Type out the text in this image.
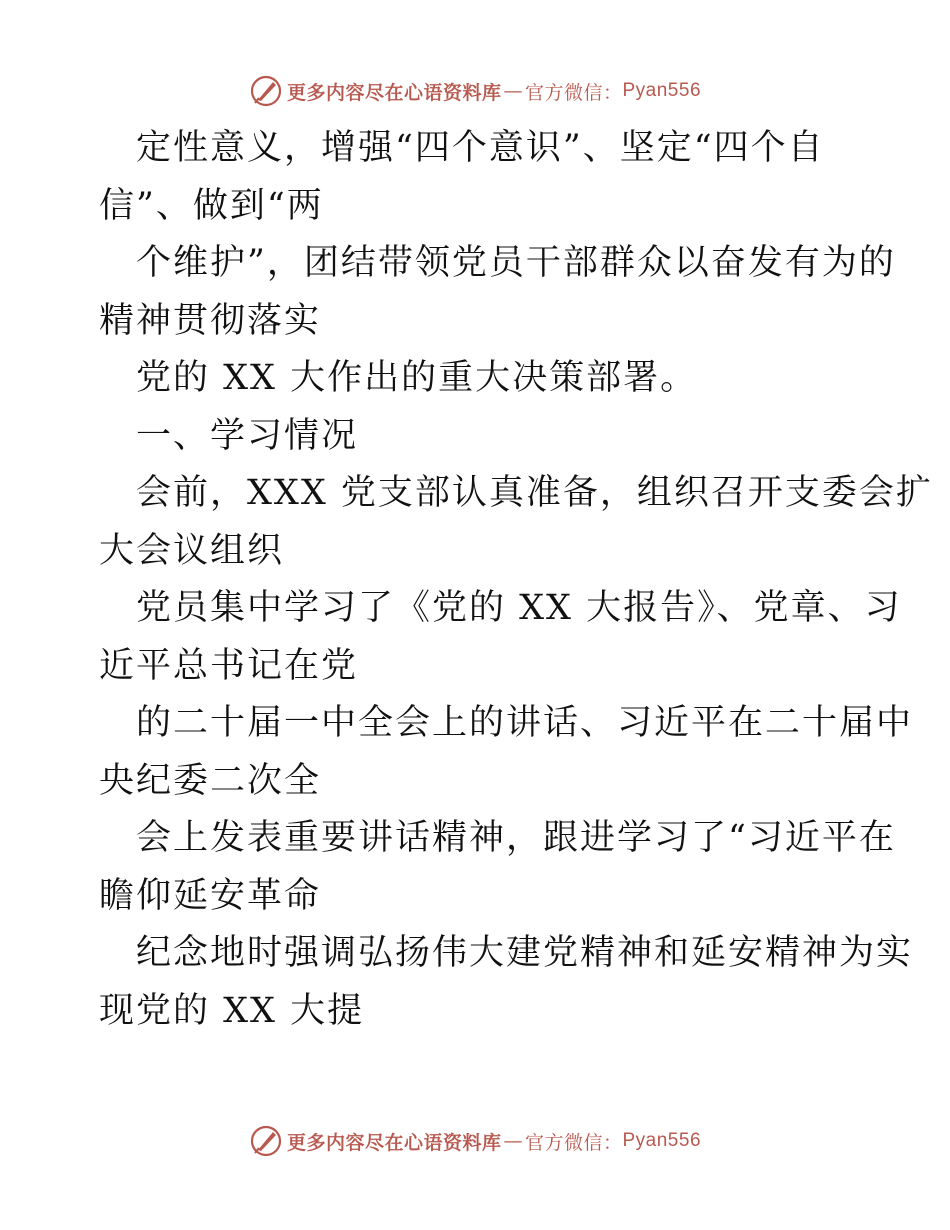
更多内容尽在心语资料库 — 官方微信： Pyan556
定性意义，增强“四个意识”、坚定“四个自
信”、做到“两
个维护”，团结带领党员干部群众以奋发有为的
精神贯彻落实
党的 XX 大作出的重大决策部署。
一、学习情况
会前，XXX 党支部认真准备，组织召开支委会扩
大会议组织
党员集中学习了《党的 XX 大报告》、党章、习
近平总书记在党
的二十届一中全会上的讲话、习近平在二十届中
央纪委二次全
会上发表重要讲话精神，跟进学习了“习近平在
瞻仰延安革命
纪念地时强调弘扬伟大建党精神和延安精神为实
现党的 XX 大提
更多内容尽在心语资料库 — 官方微信： Pyan556
